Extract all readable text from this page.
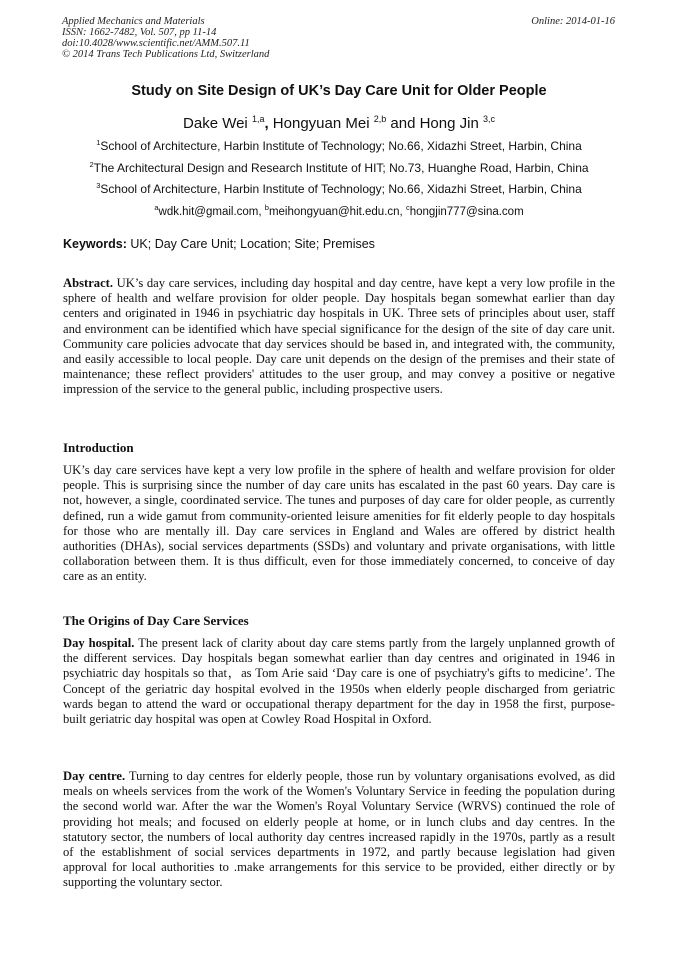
Applied Mechanics and Materials
ISSN: 1662-7482, Vol. 507, pp 11-14
doi:10.4028/www.scientific.net/AMM.507.11
© 2014 Trans Tech Publications Ltd, Switzerland
Online: 2014-01-16
Study on Site Design of UK’s Day Care Unit for Older People
Dake Wei $^{1,a}$, Hongyuan Mei $^{2,b}$ and Hong Jin $^{3,c}$
$^1$School of Architecture, Harbin Institute of Technology; No.66, Xidazhi Street, Harbin, China
$^2$The Architectural Design and Research Institute of HIT; No.73, Huanghe Road, Harbin, China
$^3$School of Architecture, Harbin Institute of Technology; No.66, Xidazhi Street, Harbin, China
$^a$wdk.hit@gmail.com, $^b$meihongyuan@hit.edu.cn, $^c$hongjin777@sina.com
Keywords: UK; Day Care Unit; Location; Site; Premises
Abstract. UK’s day care services, including day hospital and day centre, have kept a very low profile in the sphere of health and welfare provision for older people. Day hospitals began somewhat earlier than day centers and originated in 1946 in psychiatric day hospitals in UK. Three sets of principles about user, staff and environment can be identified which have special significance for the design of the site of day care unit. Community care policies advocate that day services should be based in, and integrated with, the community, and easily accessible to local people. Day care unit depends on the design of the premises and their state of maintenance; these reflect providers' attitudes to the user group, and may convey a positive or negative impression of the service to the general public, including prospective users.
Introduction
UK’s day care services have kept a very low profile in the sphere of health and welfare provision for older people. This is surprising since the number of day care units has escalated in the past 60 years. Day care is not, however, a single, coordinated service. The tunes and purposes of day care for older people, as currently defined, run a wide gamut from community-oriented leisure amenities for fit elderly people to day hospitals for those who are mentally ill. Day care services in England and Wales are offered by district health authorities (DHAs), social services departments (SSDs) and voluntary and private organisations, with little collaboration between them. It is thus difficult, even for those immediately concerned, to conceive of day care as an entity.
The Origins of Day Care Services
Day hospital. The present lack of clarity about day care stems partly from the largely unplanned growth of the different services. Day hospitals began somewhat earlier than day centres and originated in 1946 in psychiatric day hospitals so that，as Tom Arie said ‘Day care is one of psychiatry's gifts to medicine’. The Concept of the geriatric day hospital evolved in the 1950s when elderly people discharged from geriatric wards began to attend the ward or occupational therapy department for the day in 1958 the first, purpose-built geriatric day hospital was open at Cowley Road Hospital in Oxford.
Day centre. Turning to day centres for elderly people, those run by voluntary organisations evolved, as did meals on wheels services from the work of the Women's Voluntary Service in feeding the population during the second world war. After the war the Women's Royal Voluntary Service (WRVS) continued the role of providing hot meals; and focused on elderly people at home, or in lunch clubs and day centres. In the statutory sector, the numbers of local authority day centres increased rapidly in the 1970s, partly as a result of the establishment of social services departments in 1972, and partly because legislation had given approval for local authorities to .make arrangements for this service to be provided, either directly or by supporting the voluntary sector.
